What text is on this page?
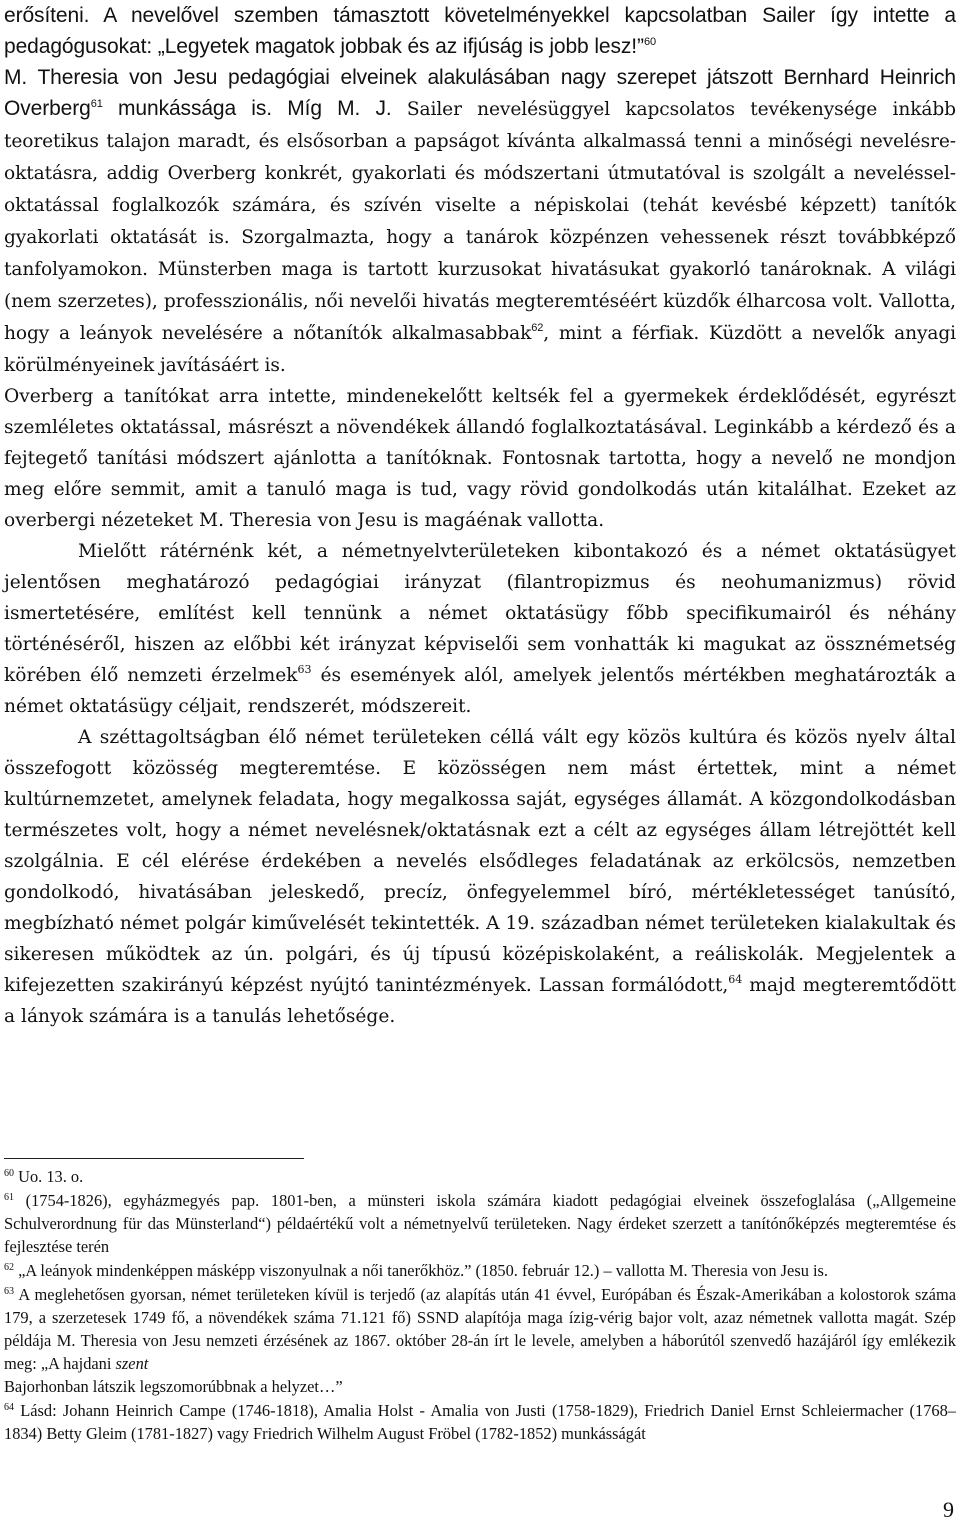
erősíteni. A nevelővel szemben támasztott követelményekkel kapcsolatban Sailer így intette a pedagógusokat: „Legyetek magatok jobbak és az ifjúság is jobb lesz!”$^{60}$
M. Theresia von Jesu pedagógiai elveinek alakulásában nagy szerepet játszott Bernhard Heinrich Overberg$^{61}$ munkássága is. Míg M. J. Sailer nevelésüggyel kapcsolatos tevékenysége inkább teoretikus talajon maradt, és elsősorban a papságot kívánta alkalmassá tenni a minőségi nevelésre-oktatásra, addig Overberg konkrét, gyakorlati és módszertani útmutatóval is szolgált a neveléssel-oktatással foglalkozók számára, és szívén viselte a népiskolai (tehát kevésbé képzett) tanítók gyakorlati oktatását is. Szorgalmazta, hogy a tanárok közpénzen vehessenek részt továbbképző tanfolyamokon. Münsterben maga is tartott kurzusokat hivatásukat gyakorló tanároknak. A világi (nem szerzetes), professzionális, női nevelői hivatás megteremtéséért küzdők élharcosa volt. Vallotta, hogy a leányok nevelésére a nőtanítók alkalmasabbak$^{62}$, mint a férfiak. Küzdött a nevelők anyagi körülményeinek javításáért is.

Overberg a tanítókat arra intette, mindenekelőtt keltsék fel a gyermekek érdeklődését, egyrészt szemléletes oktatással, másrészt a növendékek állandó foglalkoztatásával. Leginkább a kérdező és a fejtegető tanítási módszert ajánlotta a tanítóknak. Fontosnak tartotta, hogy a nevelő ne mondjon meg előre semmit, amit a tanuló maga is tud, vagy rövid gondolkodás után kitalálhat. Ezeket az overbergi nézeteket M. Theresia von Jesu is magáénak vallotta.

Mielőtt rátérnénk két, a németnyelvterületeken kibontakozó és a német oktatásügyet jelentősen meghatározó pedagógiai irányzat (filantropizmus és neohumanizmus) rövid ismertetésére, említést kell tennünk a német oktatásügy főbb specifikumairól és néhány történéséről, hiszen az előbbi két irányzat képviselői sem vonhatták ki magukat az össznémetség körében élő nemzeti érzelmek$^{63}$ és események alól, amelyek jelentős mértékben meghatározták a német oktatásügy céljait, rendszerét, módszereit.

A széttagoltságban élő német területeken céllá vált egy közös kultúra és közös nyelv által összefogott közösség megteremtése. E közösségen nem mást értettek, mint a német kultúrnemzetet, amelynek feladata, hogy megalkossa saját, egységes államát. A közgondolkodásban természetes volt, hogy a német nevelésnek/oktatásnak ezt a célt az egységes állam létrejöttét kell szolgálnia. E cél elérése érdekében a nevelés elsődleges feladatának az erkölcsös, nemzetben gondolkodó, hivatásában jeleskedő, precíz, önfegyelemmel bíró, mértékletességet tanúsító, megbízható német polgár kiművelését tekintették. A 19. században német területeken kialakultak és sikeresen működtek az ún. polgári, és új típusú középiskolaként, a reáliskolák. Megjelentek a kifejezetten szakirányú képzést nyújtó tanintézmények. Lassan formálódott,$^{64}$ majd megteremtődött a lányok számára is a tanulás lehetősége.

$^{60}$ Uo. 13. o.

$^{61}$ (1754-1826), egyházmegyés pap. 1801-ben, a münsteri iskola számára kiadott pedagógiai elveinek összefoglalása („Allgemeine Schulverordnung für das Münsterland“) példaértékű volt a németnyelvű területeken. Nagy érdeket szerzett a tanítónőképzés megteremtése és fejlesztése terén

$^{62}$ „A leányok mindenképpen másképp viszonyulnak a női tanerőkhöz.” (1850. február 12.) – vallotta M. Theresia von Jesu is.

$^{63}$ A meglehetősen gyorsan, német területeken kívül is terjedő (az alapítás után 41 évvel, Európában és Észak-Amerikában a kolostorok száma 179, a szerzetesek 1749 fő, a növendékek száma 71.121 fő) SSND alapítója maga ízig-vérig bajor volt, azaz németnek vallotta magát. Szép példája M. Theresia von Jesu nemzeti érzésének az 1867. október 28-án írt le levele, amelyben a háborútól szenvedő hazájáról így emlékezik meg: „A hajdani szent
Bajorhonban látszik legszomorúbbnak a helyzet…”

$^{64}$ Lásd: Johann Heinrich Campe (1746-1818), Amalia Holst - Amalia von Justi (1758-1829), Friedrich Daniel Ernst Schleiermacher (1768–1834) Betty Gleim (1781-1827) vagy Friedrich Wilhelm August Fröbel (1782-1852) munkásságát

9
